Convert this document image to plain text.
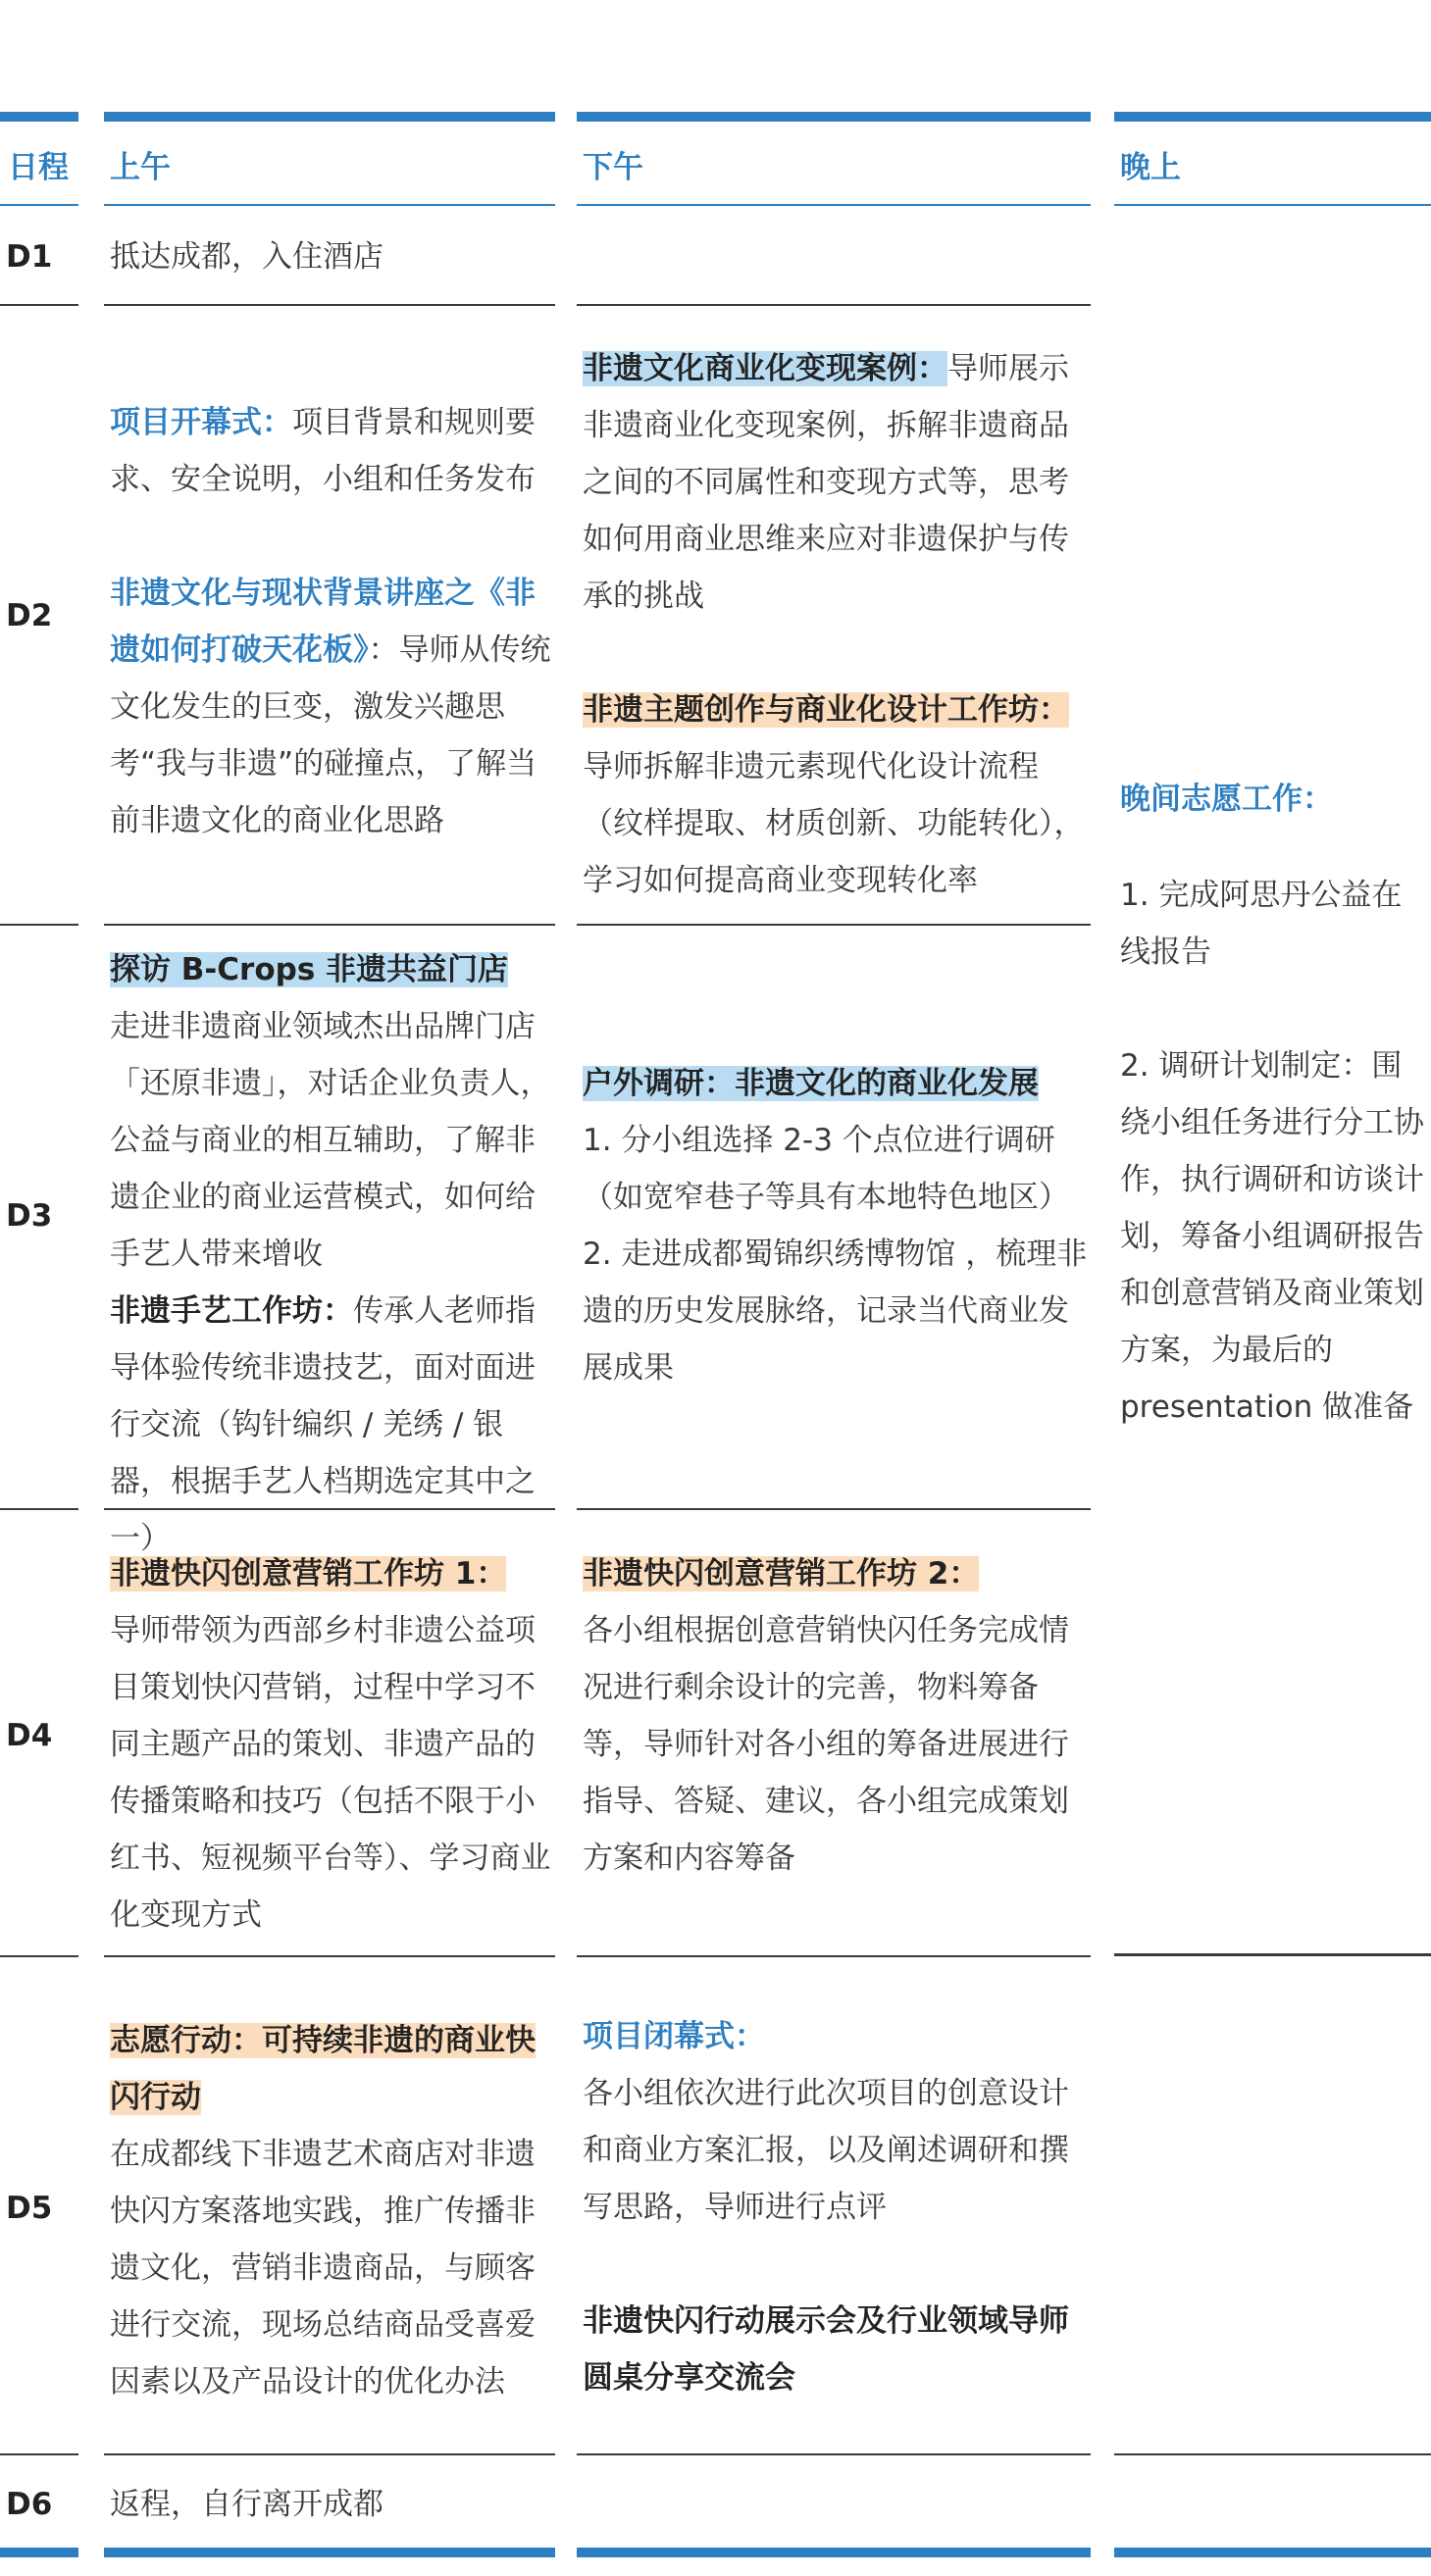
日程 上午	下午	晚上
D1 抵达成都，入住酒店
D2
项目开幕式：项目背景和规则要求、安全说明，小组和任务发布
非遗文化与现状背景讲座之《非遗如何打破天花板》：导师从传统文化发生的巨变，激发兴趣思考“我与非遗”的碰撞点，了解当前非遗文化的商业化思路
非遗文化商业化变现案例：导师展示非遗商业化变现案例，拆解非遗商品之间的不同属性和变现方式等，思考如何用商业思维来应对非遗保护与传承的挑战
非遗主题创作与商业化设计工作坊：导师拆解非遗元素现代化设计流程（纹样提取、材质创新、功能转化），学习如何提高商业变现转化率
晚间志愿工作：
1. 完成阿思丹公益在线报告
2. 调研计划制定：围绕小组任务进行分工协作，执行调研和访谈计划，筹备小组调研报告和创意营销及商业策划方案，为最后的 presentation 做准备
D3
探访 B-Crops 非遗共益门店
走进非遗商业领域杰出品牌门店「还原非遗」，对话企业负责人，公益与商业的相互辅助，了解非遗企业的商业运营模式，如何给手艺人带来增收
非遗手艺工作坊：传承人老师指导体验传统非遗技艺，面对面进行交流（钩针编织 / 羌绣 / 银器，根据手艺人档期选定其中之一）
户外调研：非遗文化的商业化发展

1. 分小组选择 2-3 个点位进行调研（如宽窄巷子等具有本地特色地区）
2. 走进成都蜀锦织绣博物馆 ，梳理非遗的历史发展脉络，记录当代商业发展成果
D4
非遗快闪创意营销工作坊 1：
导师带领为西部乡村非遗公益项目策划快闪营销，过程中学习不同主题产品的策划、非遗产品的传播策略和技巧（包括不限于小红书、短视频平台等）、学习商业化变现方式
非遗快闪创意营销工作坊 2：
各小组根据创意营销快闪任务完成情况进行剩余设计的完善，物料筹备等，导师针对各小组的筹备进展进行指导、答疑、建议，各小组完成策划方案和内容筹备
D5
志愿行动：可持续非遗的商业快闪行动
在成都线下非遗艺术商店对非遗快闪方案落地实践，推广传播非遗文化，营销非遗商品，与顾客进行交流，现场总结商品受喜爱因素以及产品设计的优化办法
项目闭幕式：
各小组依次进行此次项目的创意设计和商业方案汇报，以及阐述调研和撰写思路，导师进行点评
非遗快闪行动展示会及行业领域导师圆桌分享交流会
D6 返程，自行离开成都
